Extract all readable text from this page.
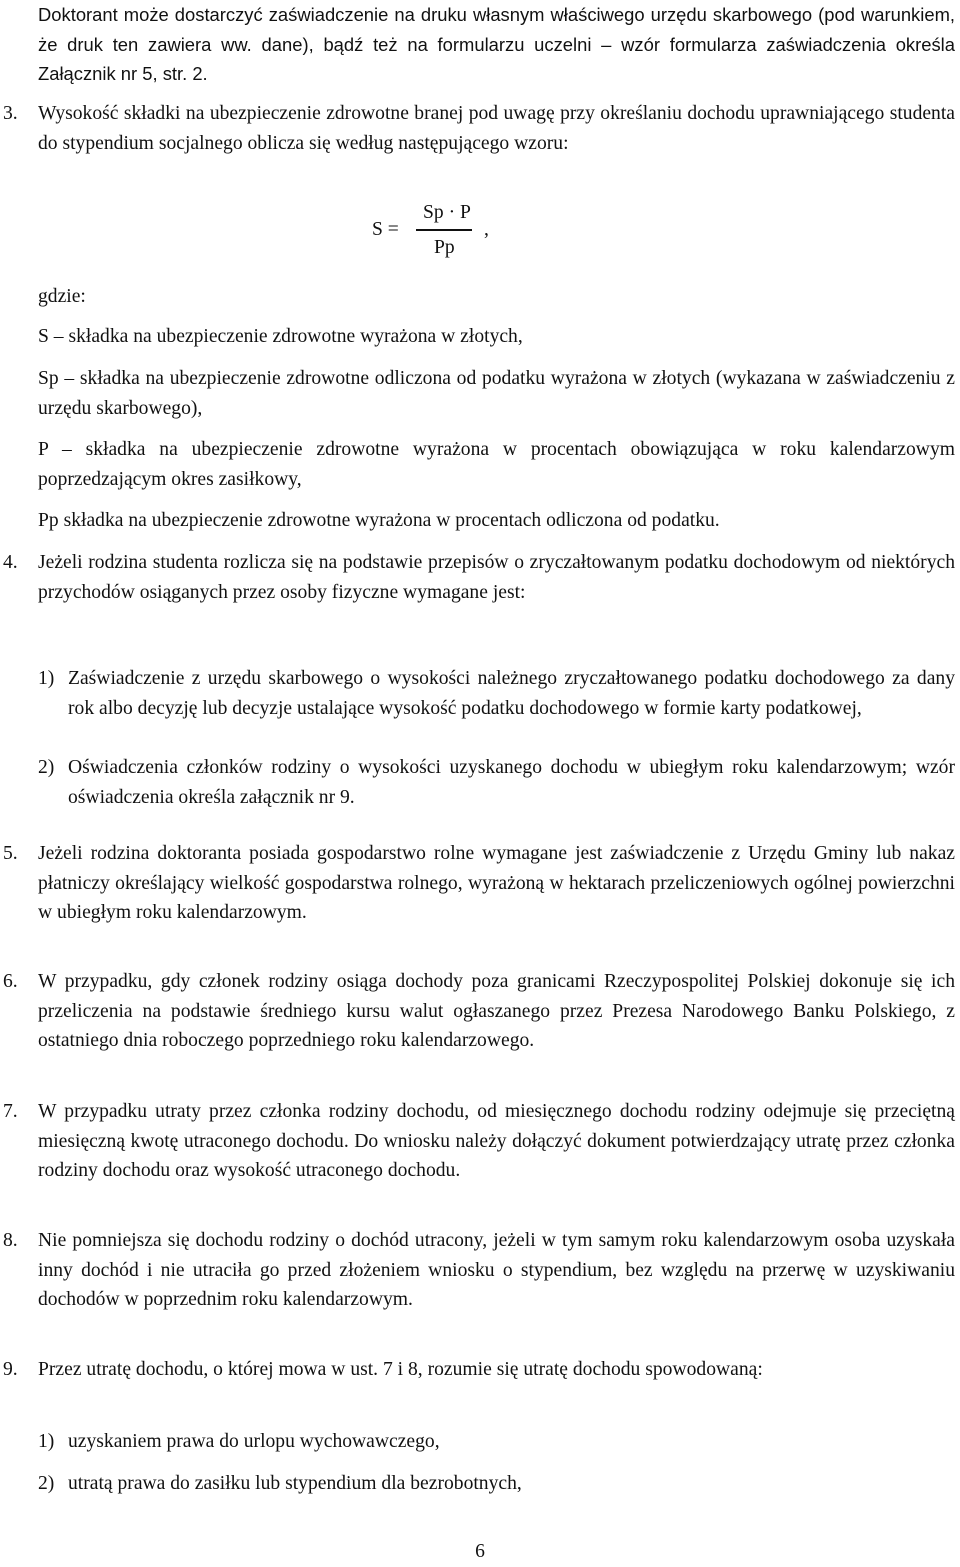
Doktorant może dostarczyć zaświadczenie na druku własnym właściwego urzędu skarbowego (pod warunkiem, że druk ten zawiera ww. dane), bądź też na formularzu uczelni – wzór formularza zaświadczenia określa Załącznik nr 5, str. 2.
3. Wysokość składki na ubezpieczenie zdrowotne branej pod uwagę przy określaniu dochodu uprawniającego studenta do stypendium socjalnego oblicza się według następującego wzoru:
S =
Sp · P
Pp
,
gdzie:
S – składka na ubezpieczenie zdrowotne wyrażona w złotych,
Sp – składka na ubezpieczenie zdrowotne odliczona od podatku wyrażona w złotych (wykazana w zaświadczeniu z urzędu skarbowego),
P – składka na ubezpieczenie zdrowotne wyrażona w procentach obowiązująca w roku kalendarzowym poprzedzającym okres zasiłkowy,
Pp składka na ubezpieczenie zdrowotne wyrażona w procentach odliczona od podatku.
4. Jeżeli rodzina studenta rozlicza się na podstawie przepisów o zryczałtowanym podatku dochodowym od niektórych przychodów osiąganych przez osoby fizyczne wymagane jest:
1) Zaświadczenie z urzędu skarbowego o wysokości należnego zryczałtowanego podatku dochodowego za dany rok albo decyzję lub decyzje ustalające wysokość podatku dochodowego w formie karty podatkowej,
2) Oświadczenia członków rodziny o wysokości uzyskanego dochodu w ubiegłym roku kalendarzowym; wzór oświadczenia określa załącznik nr 9.
5. Jeżeli rodzina doktoranta posiada gospodarstwo rolne wymagane jest zaświadczenie z Urzędu Gminy lub nakaz płatniczy określający wielkość gospodarstwa rolnego, wyrażoną w hektarach przeliczeniowych ogólnej powierzchni w ubiegłym roku kalendarzowym.
6. W przypadku, gdy członek rodziny osiąga dochody poza granicami Rzeczypospolitej Polskiej dokonuje się ich przeliczenia na podstawie średniego kursu walut ogłaszanego przez Prezesa Narodowego Banku Polskiego, z ostatniego dnia roboczego poprzedniego roku kalendarzowego.
7. W przypadku utraty przez członka rodziny dochodu, od miesięcznego dochodu rodziny odejmuje się przeciętną miesięczną kwotę utraconego dochodu. Do wniosku należy dołączyć dokument potwierdzający utratę przez członka rodziny dochodu oraz wysokość utraconego dochodu.
8. Nie pomniejsza się dochodu rodziny o dochód utracony, jeżeli w tym samym roku kalendarzowym osoba uzyskała inny dochód i nie utraciła go przed złożeniem wniosku o stypendium, bez względu na przerwę w uzyskiwaniu dochodów w poprzednim roku kalendarzowym.
9. Przez utratę dochodu, o której mowa w ust. 7 i 8, rozumie się utratę dochodu spowodowaną:
1) uzyskaniem prawa do urlopu wychowawczego,
2) utratą prawa do zasiłku lub stypendium dla bezrobotnych,
6
